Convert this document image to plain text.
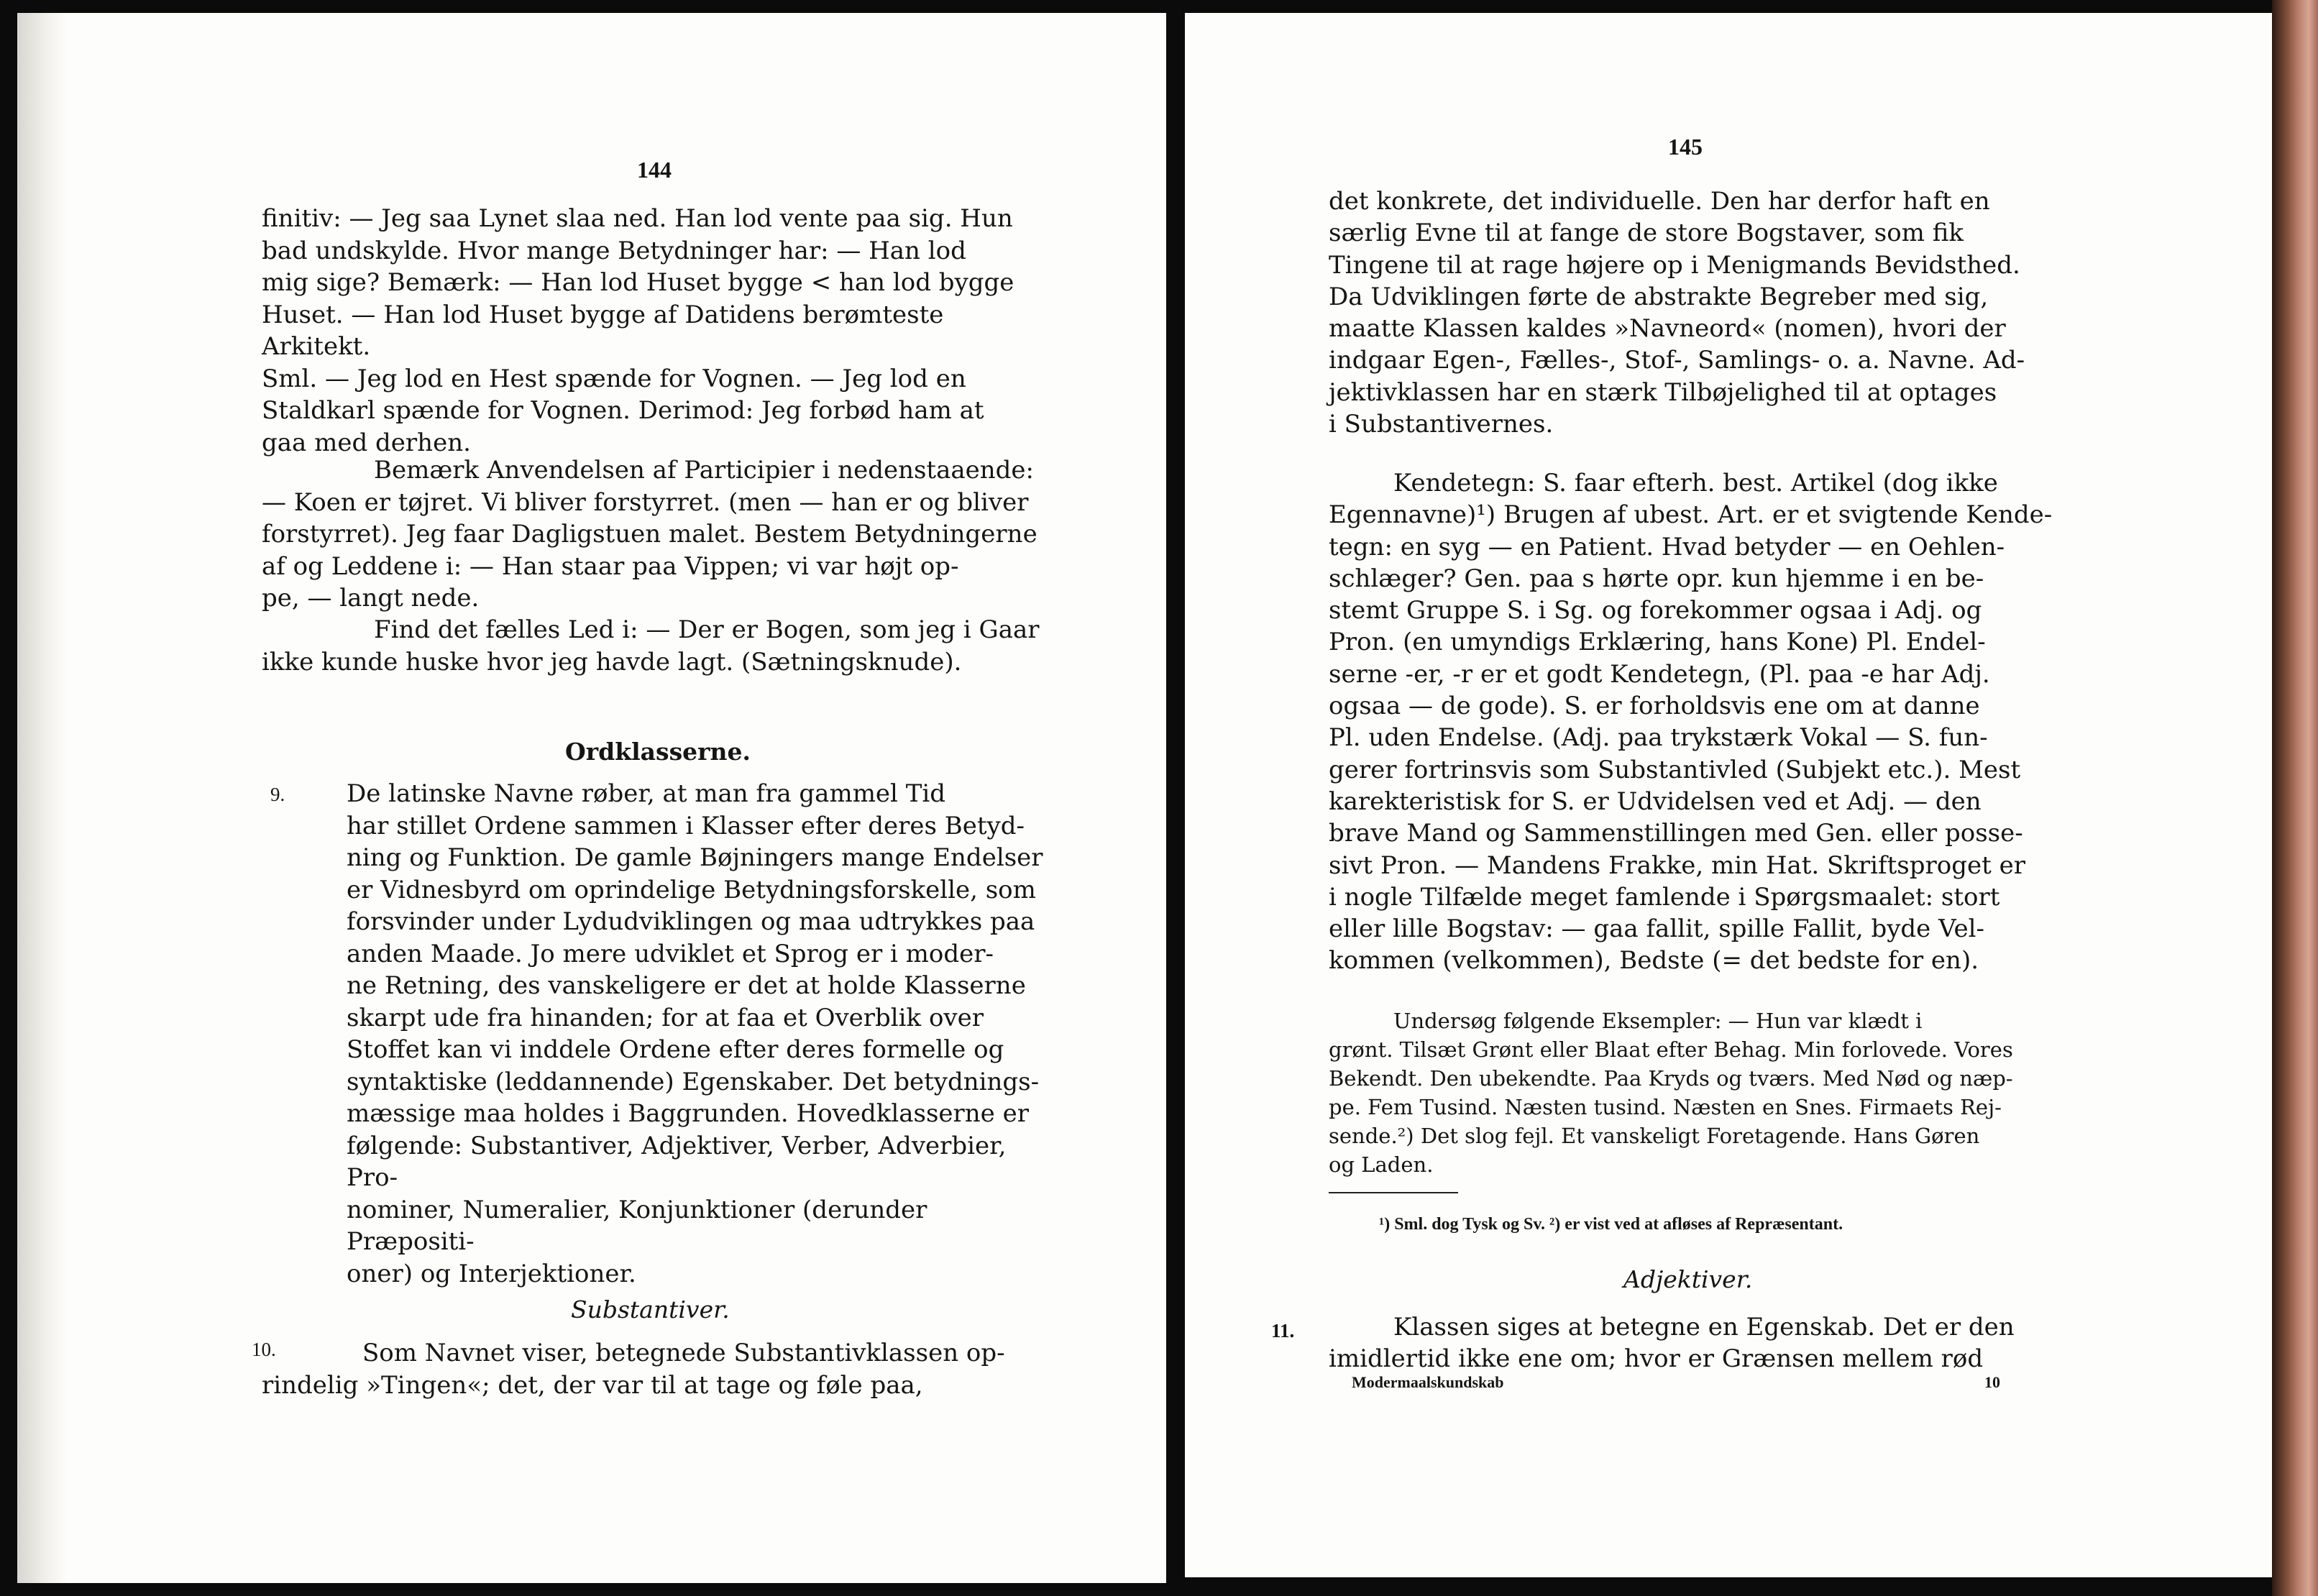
144

finitiv: — Jeg saa Lynet slaa ned. Han lod vente paa sig. Hun
bad undskylde. Hvor mange Betydninger har: — Han lod
mig sige? Bemærk: — Han lod Huset bygge < han lod bygge
Huset. — Han lod Huset bygge af Datidens berømteste Arkitekt.
Sml. — Jeg lod en Hest spænde for Vognen. — Jeg lod en
Staldkarl spænde for Vognen. Derimod: Jeg forbød ham at
gaa med derhen.

Bemærk Anvendelsen af Participier i nedenstaaende:
— Koen er tøjret. Vi bliver forstyrret. (men — han er og bliver
forstyrret). Jeg faar Dagligstuen malet. Bestem Betydningerne
af og Leddene i: — Han staar paa Vippen; vi var højt op-
pe, — langt nede.

Find det fælles Led i: — Der er Bogen, som jeg i Gaar
ikke kunde huske hvor jeg havde lagt. (Sætningsknude).

Ordklasserne.
9.	De latinske Navne røber, at man fra gammel Tid
har stillet Ordene sammen i Klasser efter deres Betyd-
ning og Funktion. De gamle Bøjningers mange Endelser
er Vidnesbyrd om oprindelige Betydningsforskelle, som
forsvinder under Lydudviklingen og maa udtrykkes paa
anden Maade. Jo mere udviklet et Sprog er i moder-
ne Retning, des vanskeligere er det at holde Klasserne
skarpt ude fra hinanden; for at faa et Overblik over
Stoffet kan vi inddele Ordene efter deres formelle og
syntaktiske (leddannende) Egenskaber. Det betydnings-
mæssige maa holdes i Baggrunden. Hovedklasserne er
følgende: Substantiver, Adjektiver, Verber, Adverbier, Pro-
nominer, Numeralier, Konjunktioner (derunder Præpositi-
oner) og Interjektioner.

Substantiver.
10.	Som Navnet viser, betegnede Substantivklassen op-
rindelig »Tingen«; det, der var til at tage og føle paa,

145

det konkrete, det individuelle. Den har derfor haft en
særlig Evne til at fange de store Bogstaver, som fik
Tingene til at rage højere op i Menigmands Bevidsthed.
Da Udviklingen førte de abstrakte Begreber med sig,
maatte Klassen kaldes »Navneord« (nomen), hvori der
indgaar Egen-, Fælles-, Stof-, Samlings- o. a. Navne. Ad-
jektivklassen har en stærk Tilbøjelighed til at optages
i Substantivernes.

Kendetegn: S. faar efterh. best. Artikel (dog ikke
Egennavne)¹) Brugen af ubest. Art. er et svigtende Kende-
tegn: en syg — en Patient. Hvad betyder — en Oehlen-
schlæger? Gen. paa s hørte opr. kun hjemme i en be-
stemt Gruppe S. i Sg. og forekommer ogsaa i Adj. og
Pron. (en umyndigs Erklæring, hans Kone) Pl. Endel-
serne -er, -r er et godt Kendetegn, (Pl. paa -e har Adj.
ogsaa — de gode). S. er forholdsvis ene om at danne
Pl. uden Endelse. (Adj. paa trykstærk Vokal — S. fun-
gerer fortrinsvis som Substantivled (Subjekt etc.). Mest
karekteristisk for S. er Udvidelsen ved et Adj. — den
brave Mand og Sammenstillingen med Gen. eller posse-
sivt Pron. — Mandens Frakke, min Hat. Skriftsproget er
i nogle Tilfælde meget famlende i Spørgsmaalet: stort
eller lille Bogstav: — gaa fallit, spille Fallit, byde Vel-
kommen (velkommen), Bedste (= det bedste for en).

Undersøg følgende Eksempler: — Hun var klædt i
grønt. Tilsæt Grønt eller Blaat efter Behag. Min forlovede. Vores
Bekendt. Den ubekendte. Paa Kryds og tværs. Med Nød og næp-
pe. Fem Tusind. Næsten tusind. Næsten en Snes. Firmaets Rej-
sende.²) Det slog fejl. Et vanskeligt Foretagende. Hans Gøren
og Laden.

¹) Sml. dog Tysk og Sv. ²) er vist ved at afløses af Repræsentant.

Adjektiver.
11.	Klassen siges at betegne en Egenskab. Det er den
imidlertid ikke ene om; hvor er Grænsen mellem rød

Modermaalskundskab	10
